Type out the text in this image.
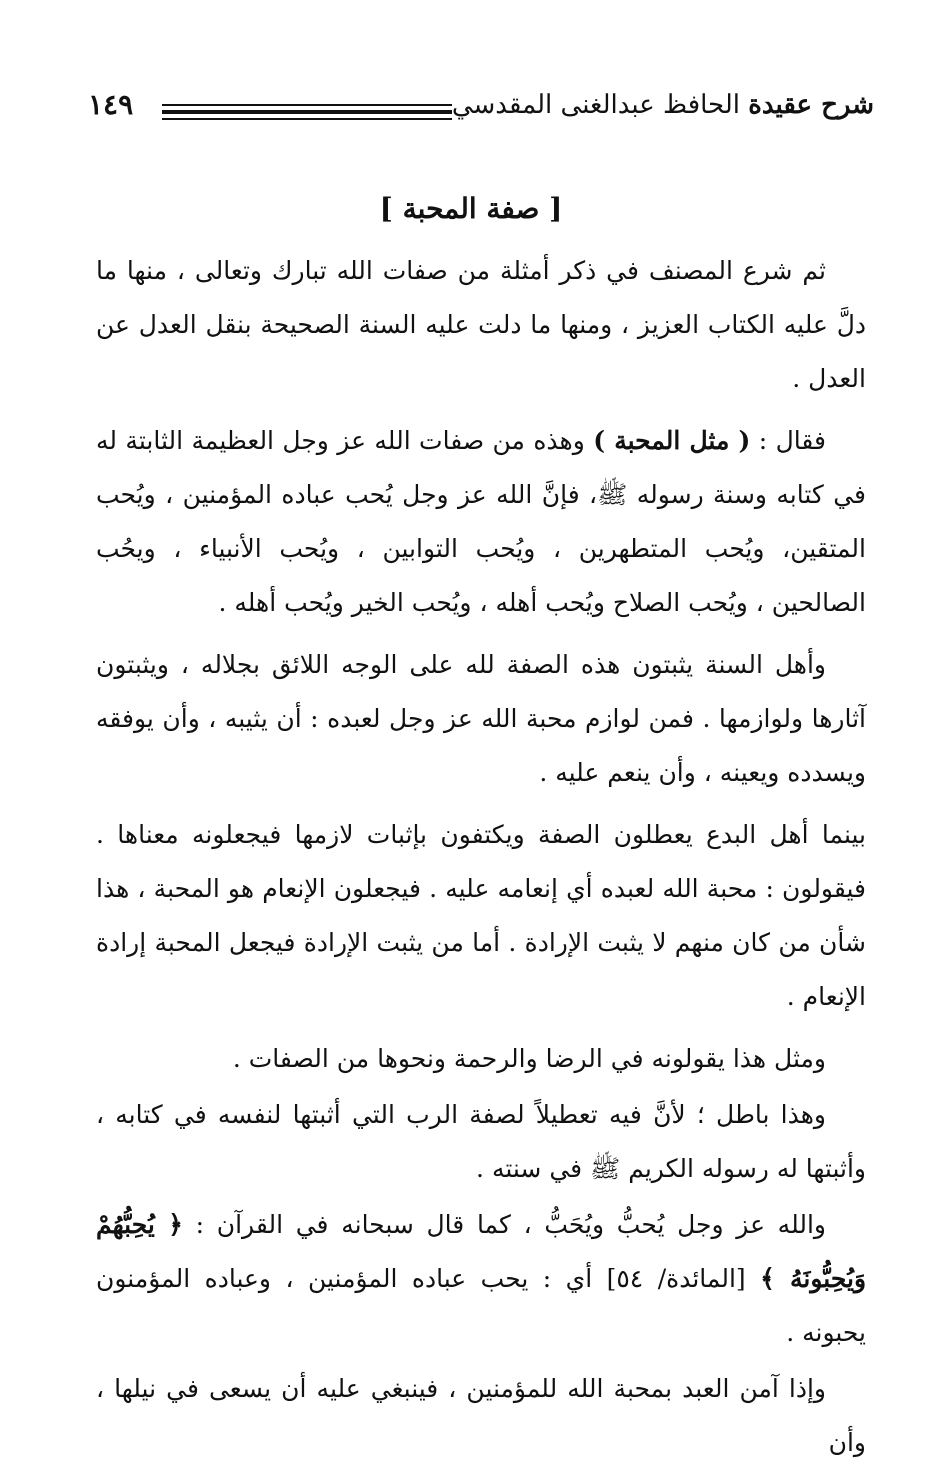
شرح عقيدة الحافظ عبدالغنى المقدسي
١٤٩
[ صفة المحبة ]

ثم شرع المصنف في ذكر أمثلة من صفات الله تبارك وتعالى ، منها ما دلَّ عليه الكتاب العزيز ، ومنها ما دلت عليه السنة الصحيحة بنقل العدل عن العدل .

فقال : ( مثل المحبة ) وهذه من صفات الله عز وجل العظيمة الثابتة له في كتابه وسنة رسوله ﷺ، فإنَّ الله عز وجل يُحب عباده المؤمنين ، ويُحب المتقين، ويُحب المتطهرين ، ويُحب التوابين ، ويُحب الأنبياء ، ويحُب الصالحين ، ويُحب الصلاح ويُحب أهله ، ويُحب الخير ويُحب أهله .

وأهل السنة يثبتون هذه الصفة لله على الوجه اللائق بجلاله ، ويثبتون آثارها ولوازمها . فمن لوازم محبة الله عز وجل لعبده : أن يثيبه ، وأن يوفقه ويسدده ويعينه ، وأن ينعم عليه .

بينما أهل البدع يعطلون الصفة ويكتفون بإثبات لازمها فيجعلونه معناها . فيقولون : محبة الله لعبده أي إنعامه عليه . فيجعلون الإنعام هو المحبة ، هذا شأن من كان منهم لا يثبت الإرادة . أما من يثبت الإرادة فيجعل المحبة إرادة الإنعام .

ومثل هذا يقولونه في الرضا والرحمة ونحوها من الصفات .

وهذا باطل ؛ لأنَّ فيه تعطيلاً لصفة الرب التي أثبتها لنفسه في كتابه ، وأثبتها له رسوله الكريم ﷺ في سنته .

والله عز وجل يُحبُّ ويُحَبُّ ، كما قال سبحانه في القرآن : ﴿ يُحِبُّهُمْ وَيُحِبُّونَهُ ﴾ [المائدة/ ٥٤] أي : يحب عباده المؤمنين ، وعباده المؤمنون يحبونه .

وإذا آمن العبد بمحبة الله للمؤمنين ، فينبغي عليه أن يسعى في نيلها ، وأن
